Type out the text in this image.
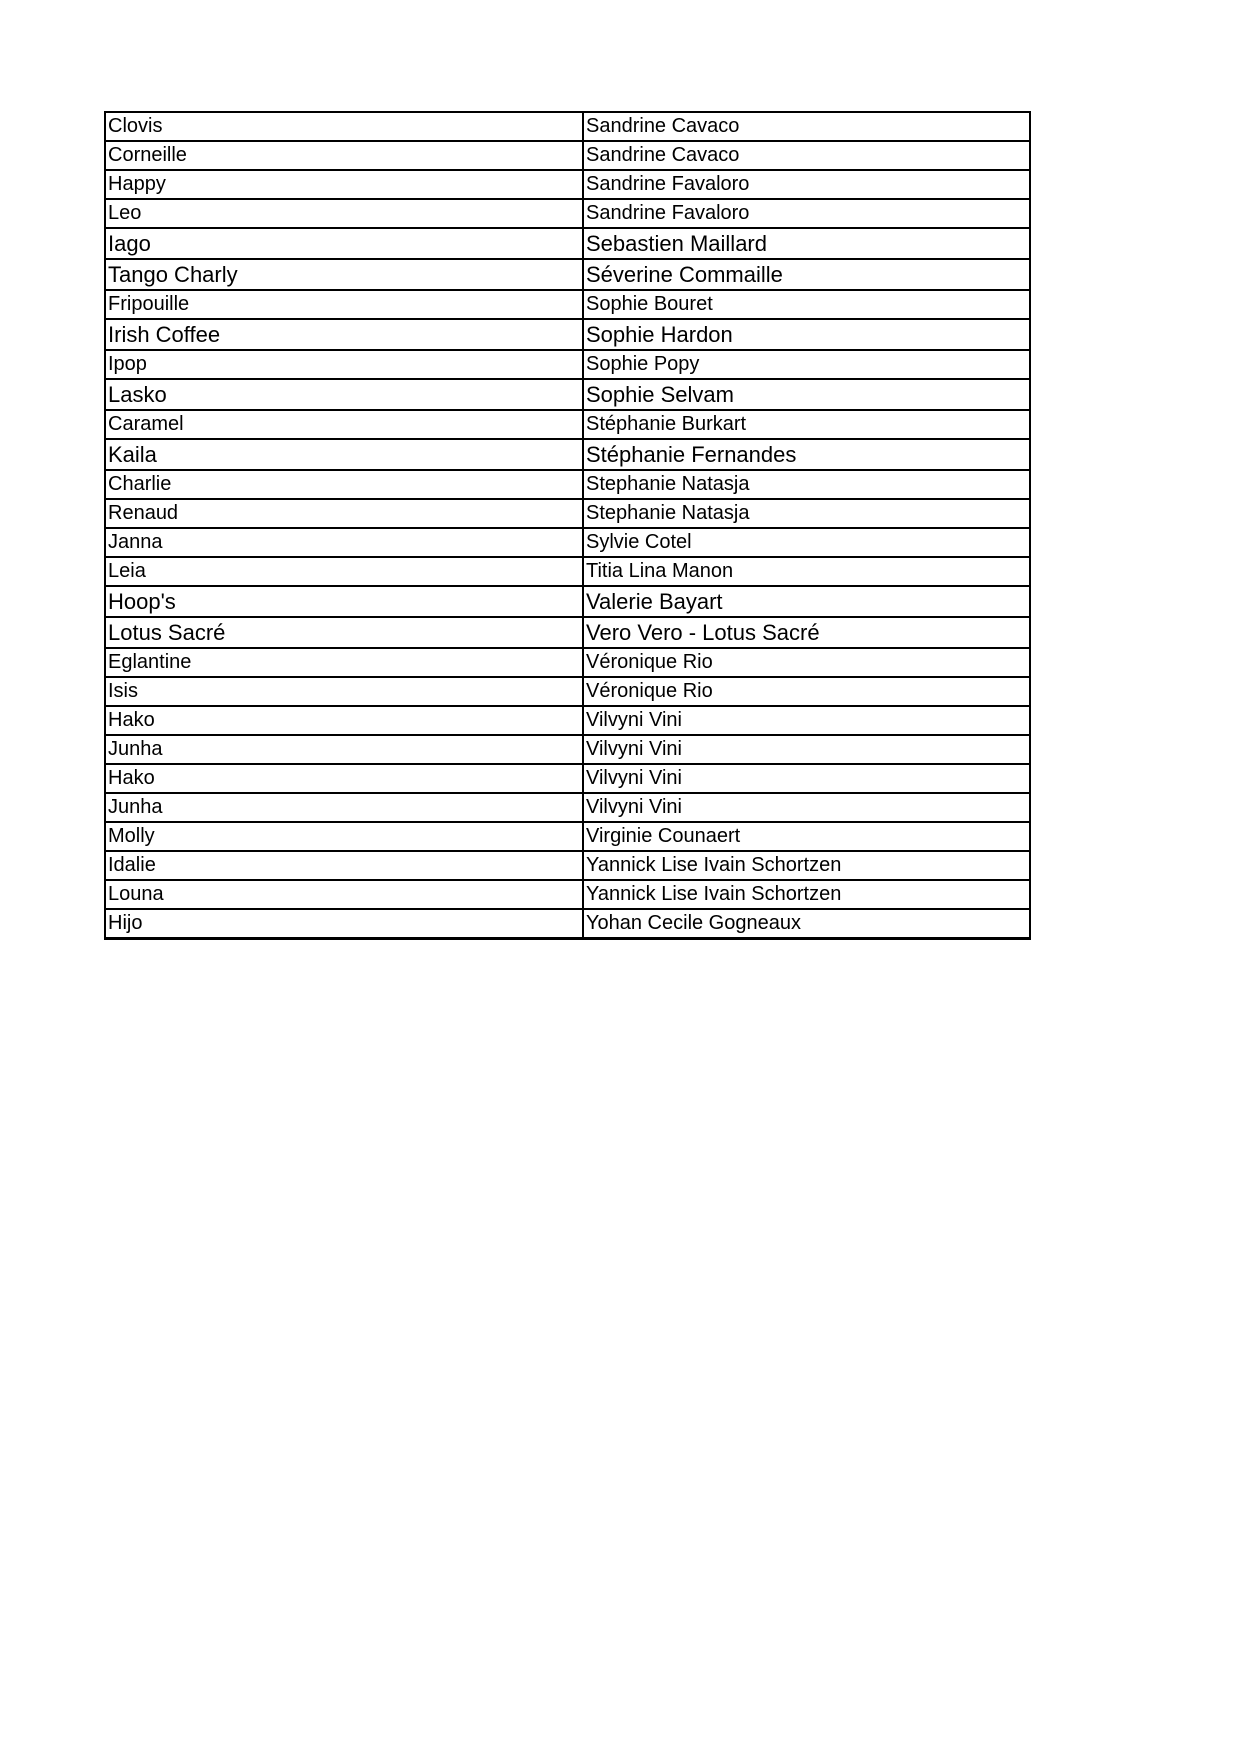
Clovis	Sandrine Cavaco
Corneille	Sandrine Cavaco
Happy	Sandrine Favaloro
Leo	Sandrine Favaloro
Iago	Sebastien Maillard
Tango Charly	Séverine Commaille
Fripouille	Sophie Bouret
Irish Coffee	Sophie Hardon
Ipop	Sophie Popy
Lasko	Sophie Selvam
Caramel	Stéphanie Burkart
Kaila	Stéphanie Fernandes
Charlie	Stephanie Natasja
Renaud	Stephanie Natasja
Janna	Sylvie Cotel
Leia	Titia Lina Manon
Hoop's	Valerie Bayart
Lotus Sacré	Vero Vero - Lotus Sacré
Eglantine	Véronique Rio
Isis	Véronique Rio
Hako	Vilvyni Vini
Junha	Vilvyni Vini
Hako	Vilvyni Vini
Junha	Vilvyni Vini
Molly	Virginie Counaert
Idalie	Yannick Lise Ivain Schortzen
Louna	Yannick Lise Ivain Schortzen
Hijo	Yohan Cecile Gogneaux
